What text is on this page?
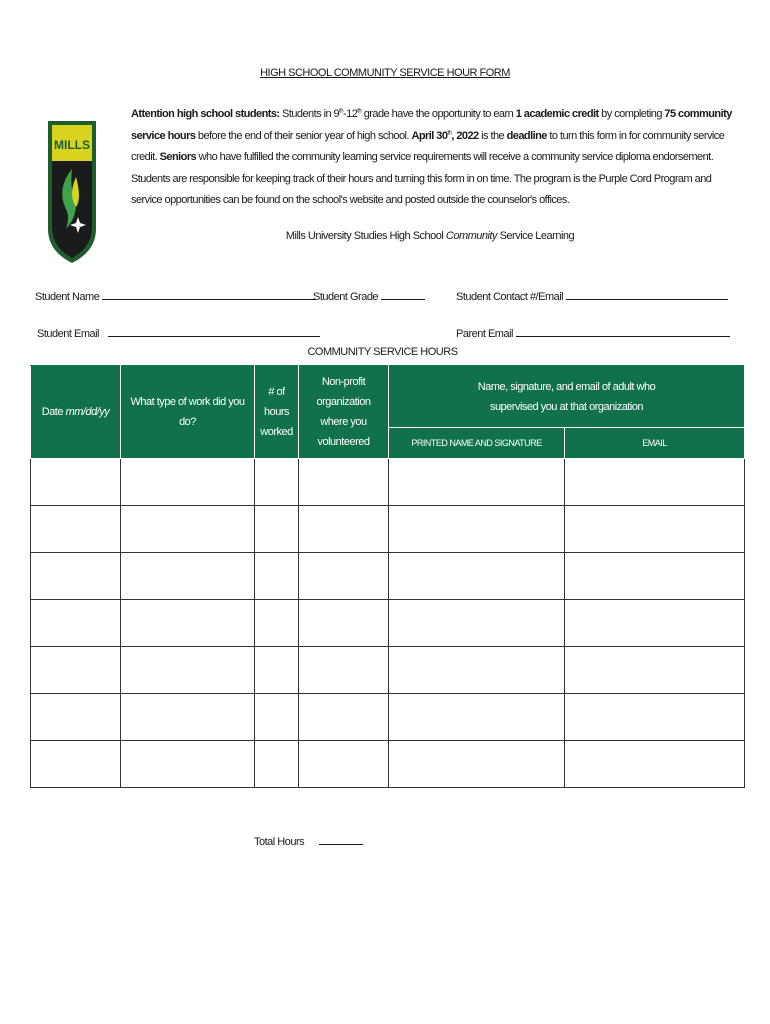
HIGH SCHOOL COMMUNITY SERVICE HOUR FORM
MILLS
Attention high school students: Students in 9th-12th grade have the opportunity to earn 1 academic credit by completing 75 community service hours before the end of their senior year of high school. April 30th, 2022 is the deadline to turn this form in for community service credit. Seniors who have fulfilled the community learning service requirements will receive a community service diploma endorsement. Students are responsible for keeping track of their hours and turning this form in on time. The program is the Purple Cord Program and service opportunities can be found on the school's website and posted outside the counselor's offices.
Mills University Studies High School Community Service Learning
Student Name	Student Grade	Student Contact #/Email
Student Email	Parent Email
COMMUNITY SERVICE HOURS
Date mm/dd/yy	What type of work did you do?	# of hours worked	Non-profit organization where you volunteered	Name, signature, and email of adult who supervised you at that organization	
				PRINTED NAME AND SIGNATURE	EMAIL

Total Hours
